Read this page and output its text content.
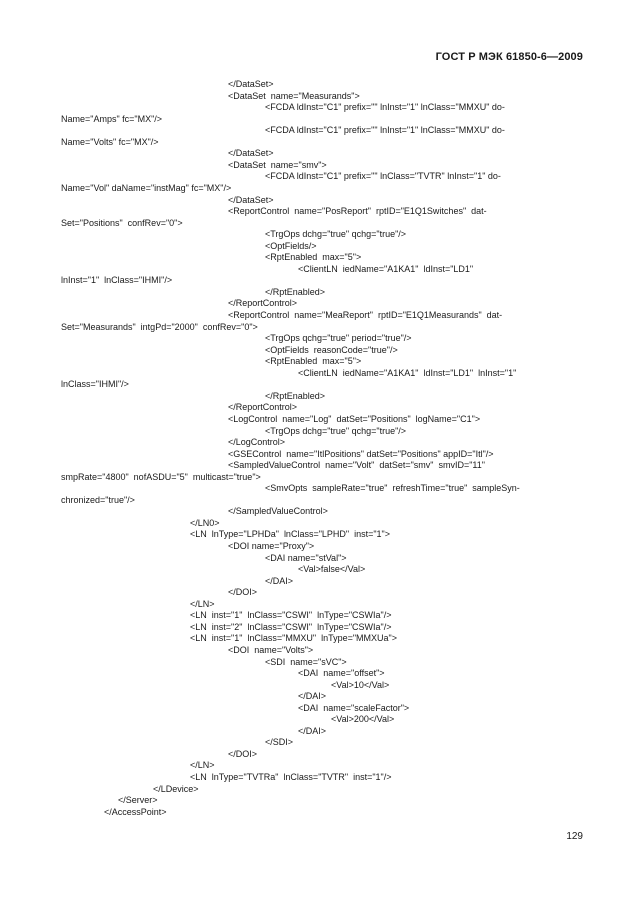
ГОСТ Р МЭК 61850-6—2009
</DataSet>
<DataSet  name="Measurands">
<FCDA ldInst="C1" prefix="" lnInst="1" lnClass="MMXU" do-
Name="Amps" fc="MX"/>
<FCDA ldInst="C1" prefix="" lnInst="1" lnClass="MMXU" do-
Name="Volts" fc="MX"/>
</DataSet>
<DataSet  name="smv">
<FCDA ldInst="C1" prefix="" lnClass="TVTR" lnInst="1" do-
Name="Vol" daName="instMag" fc="MX"/>
</DataSet>
<ReportControl  name="PosReport"  rptID="E1Q1Switches"  dat-
Set="Positions"  confRev="0">
<TrgOps dchg="true" qchg="true"/>
<OptFields/>
<RptEnabled  max="5">
<ClientLN  iedName="A1KA1"  ldInst="LD1"
lnInst="1"  lnClass="IHMI"/>
</RptEnabled>
</ReportControl>
<ReportControl  name="MeaReport"  rptID="E1Q1Measurands"  dat-
Set="Measurands"  intgPd="2000"  confRev="0">
<TrgOps qchg="true" period="true"/>
<OptFields  reasonCode="true"/>
<RptEnabled  max="5">
<ClientLN  iedName="A1KA1"  ldInst="LD1"  lnInst="1"
lnClass="IHMI"/>
</RptEnabled>
</ReportControl>
<LogControl  name="Log"  datSet="Positions"  logName="C1">
<TrgOps dchg="true" qchg="true"/>
</LogControl>
<GSEControl  name="ItlPositions" datSet="Positions" appID="Itl"/>
<SampledValueControl  name="Volt"  datSet="smv"  smvID="11"
smpRate="4800"  nofASDU="5"  multicast="true">
<SmvOpts  sampleRate="true"  refreshTime="true"  sampleSyn-
chronized="true"/>
</SampledValueControl>
</LN0>
<LN  lnType="LPHDa"  lnClass="LPHD"  inst="1">
<DOI name="Proxy">
<DAI name="stVal">
<Val>false</Val>
</DAI>
</DOI>
</LN>
<LN  inst="1"  lnClass="CSWI"  lnType="CSWIa"/>
<LN  inst="2"  lnClass="CSWI"  lnType="CSWIa"/>
<LN  inst="1"  lnClass="MMXU"  lnType="MMXUa">
<DOI  name="Volts">
<SDI  name="sVC">
<DAI  name="offset">
<Val>10</Val>
</DAI>
<DAI  name="scaleFactor">
<Val>200</Val>
</DAI>
</SDI>
</DOI>
</LN>
<LN  lnType="TVTRa"  lnClass="TVTR"  inst="1"/>
</LDevice>
</Server>
</AccessPoint>
129
